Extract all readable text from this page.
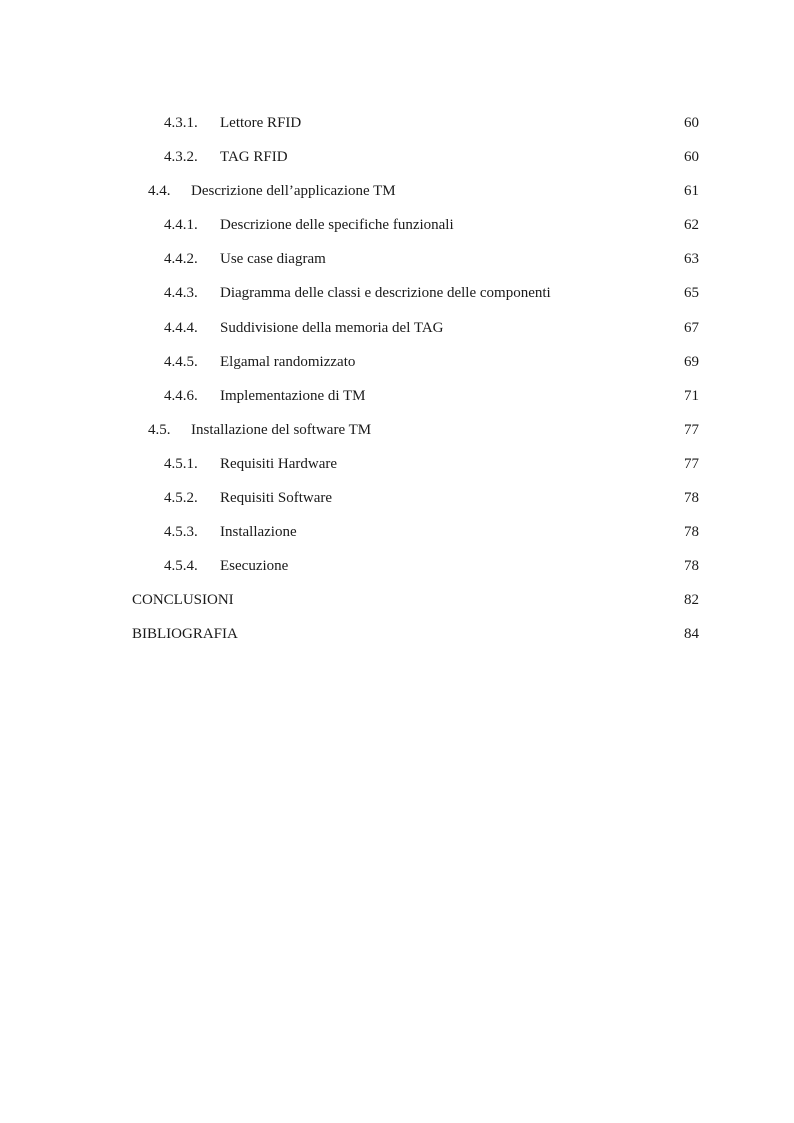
4.3.1.	Lettore RFID	60
4.3.2.	TAG RFID	60
4.4.	Descrizione dell’applicazione TM	61
4.4.1.	Descrizione delle specifiche funzionali	62
4.4.2.	Use case diagram	63
4.4.3.	Diagramma delle classi e descrizione delle componenti	65
4.4.4.	Suddivisione della memoria del TAG	67
4.4.5.	Elgamal randomizzato	69
4.4.6.	Implementazione di TM	71
4.5.	Installazione del software TM	77
4.5.1.	Requisiti Hardware	77
4.5.2.	Requisiti Software	78
4.5.3.	Installazione	78
4.5.4.	Esecuzione	78
CONCLUSIONI	82
BIBLIOGRAFIA	84
